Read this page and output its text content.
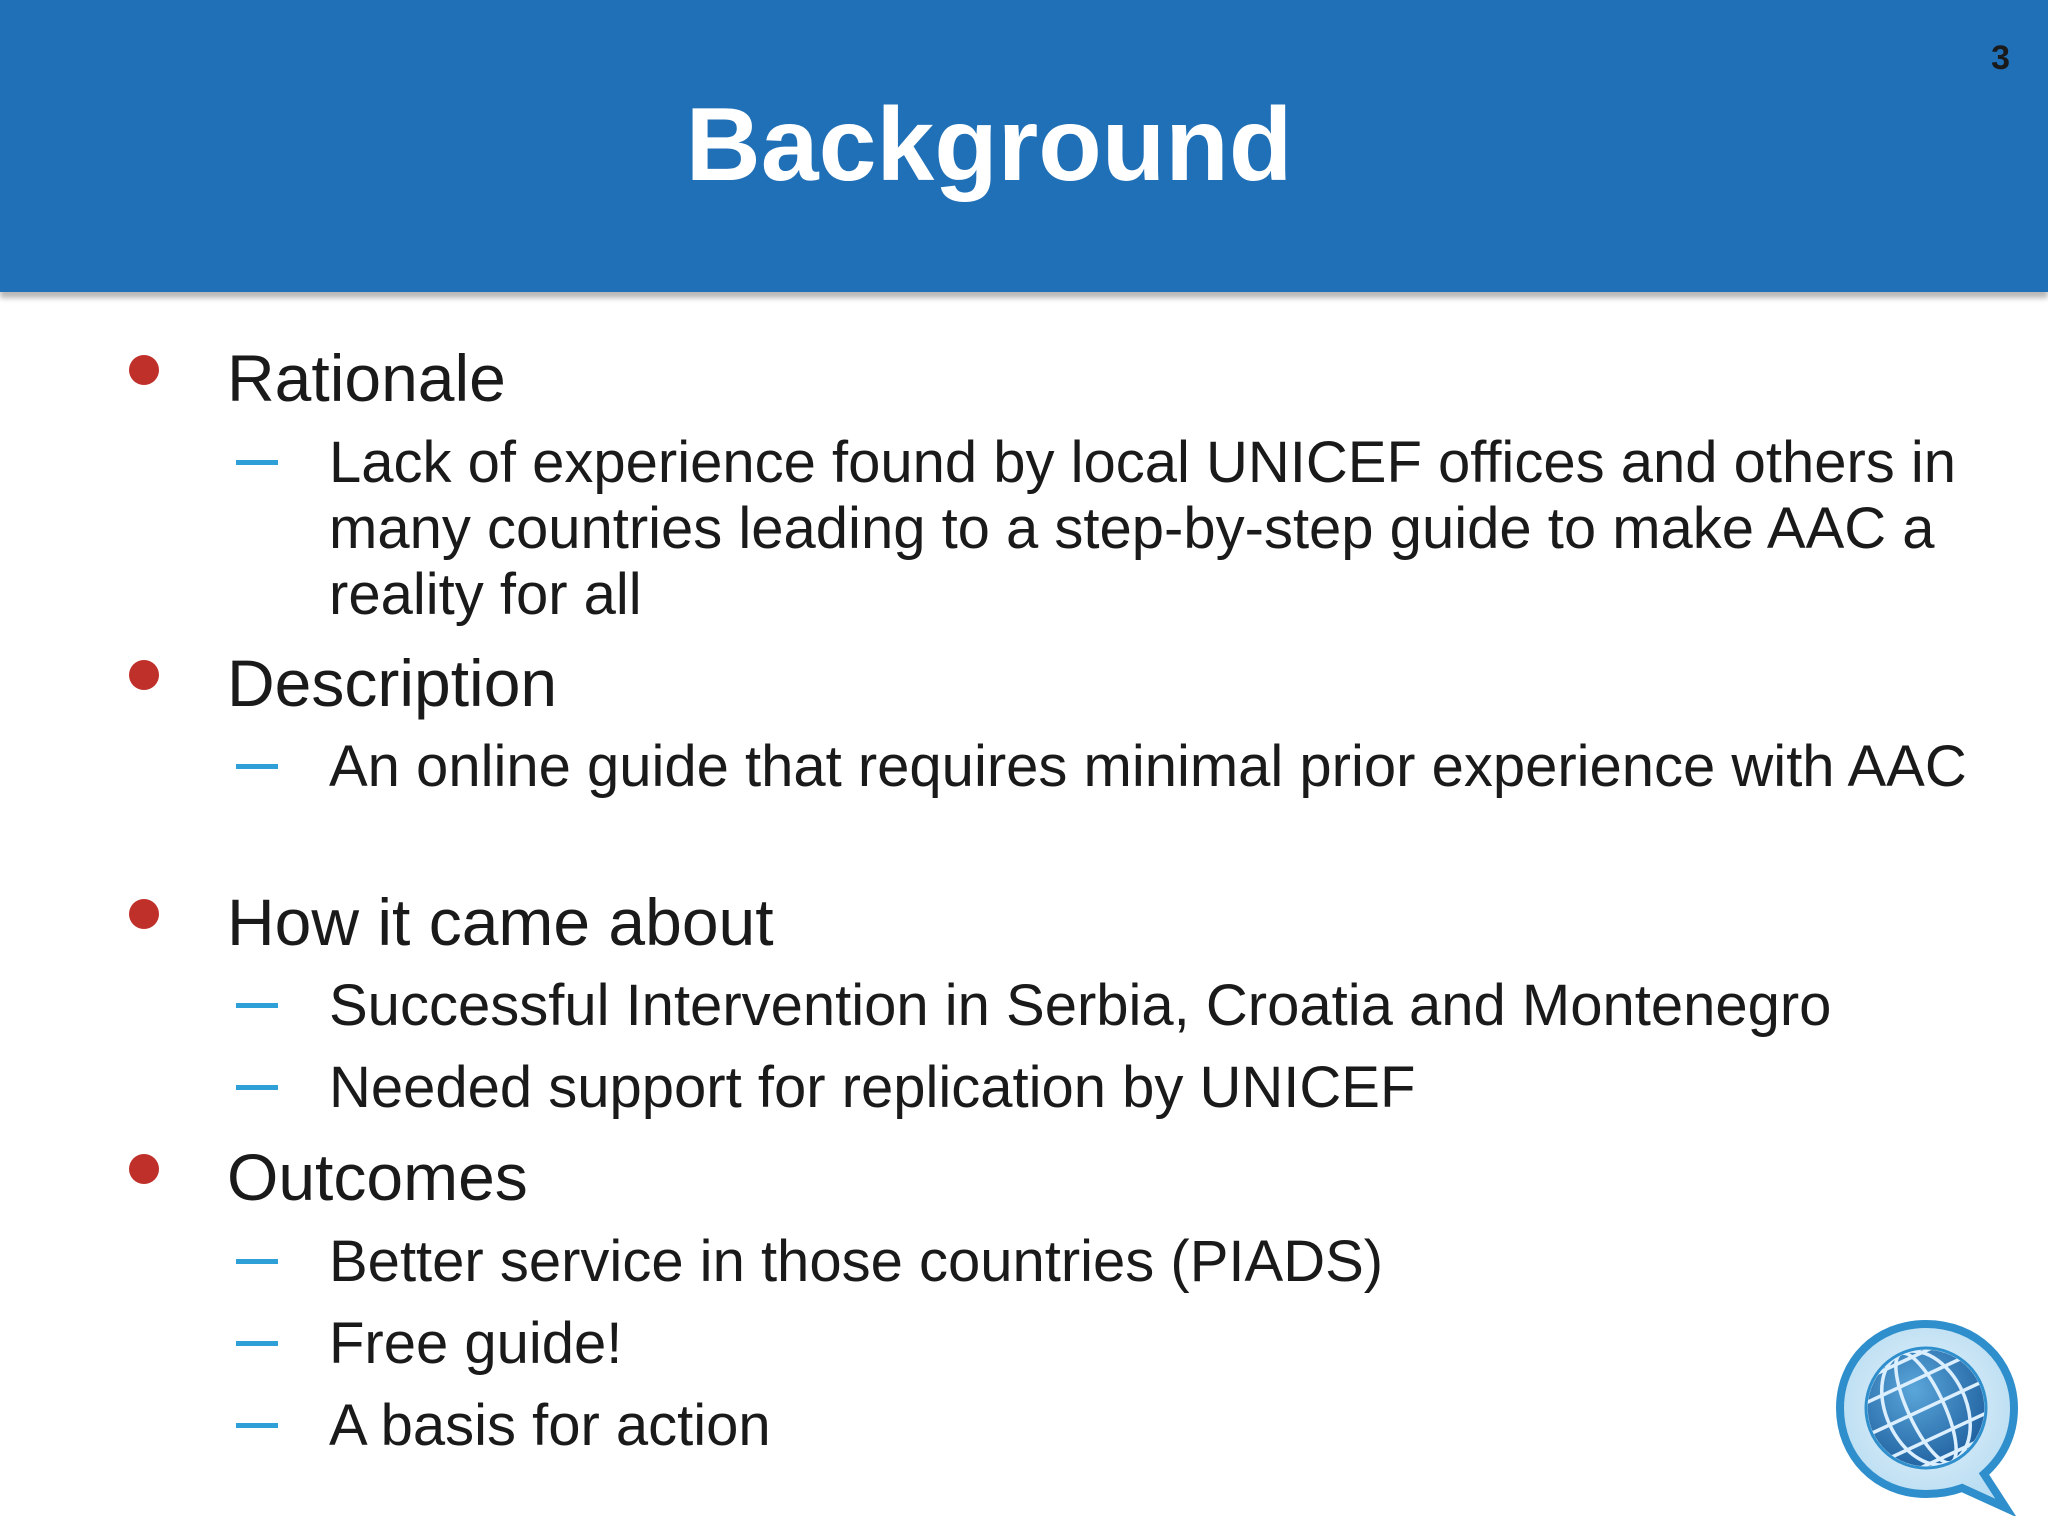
Background
3
Rationale
Lack of experience found by local UNICEF offices and others in many countries leading to a step-by-step guide to make AAC a reality for all
Description
An online guide that requires minimal prior experience with AAC
How it came about
Successful Intervention in Serbia, Croatia and Montenegro
Needed support for replication by UNICEF
Outcomes
Better service in those countries (PIADS)
Free guide!
A basis for action
